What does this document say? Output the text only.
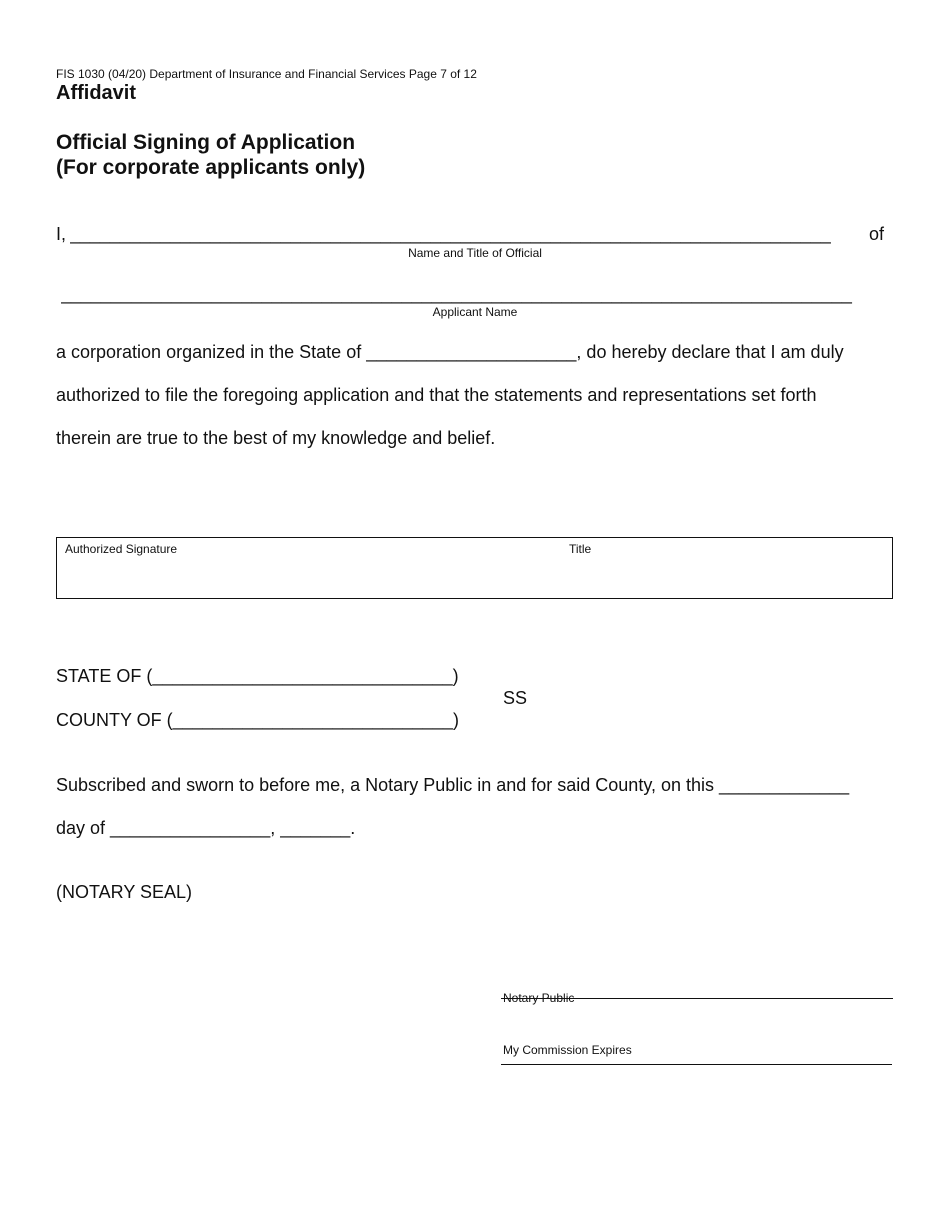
FIS 1030 (04/20) Department of Insurance and Financial Services Page 7 of 12
Affidavit
Official Signing of Application
(For corporate applicants only)
I, ____________________________________________________________________________	of
Name and Title of Official
_______________________________________________________________________________
Applicant Name
a corporation organized in the State of _____________________, do hereby declare that I am duly
authorized to file the foregoing application and that the statements and representations set forth
therein are true to the best of my knowledge and belief.
Authorized Signature	Title
STATE OF (______________________________)
COUNTY OF (____________________________)
SS
Subscribed and sworn to before me, a Notary Public in and for said County, on this _____________
day of ________________, _______.
(NOTARY SEAL)
Notary Public
My Commission Expires
